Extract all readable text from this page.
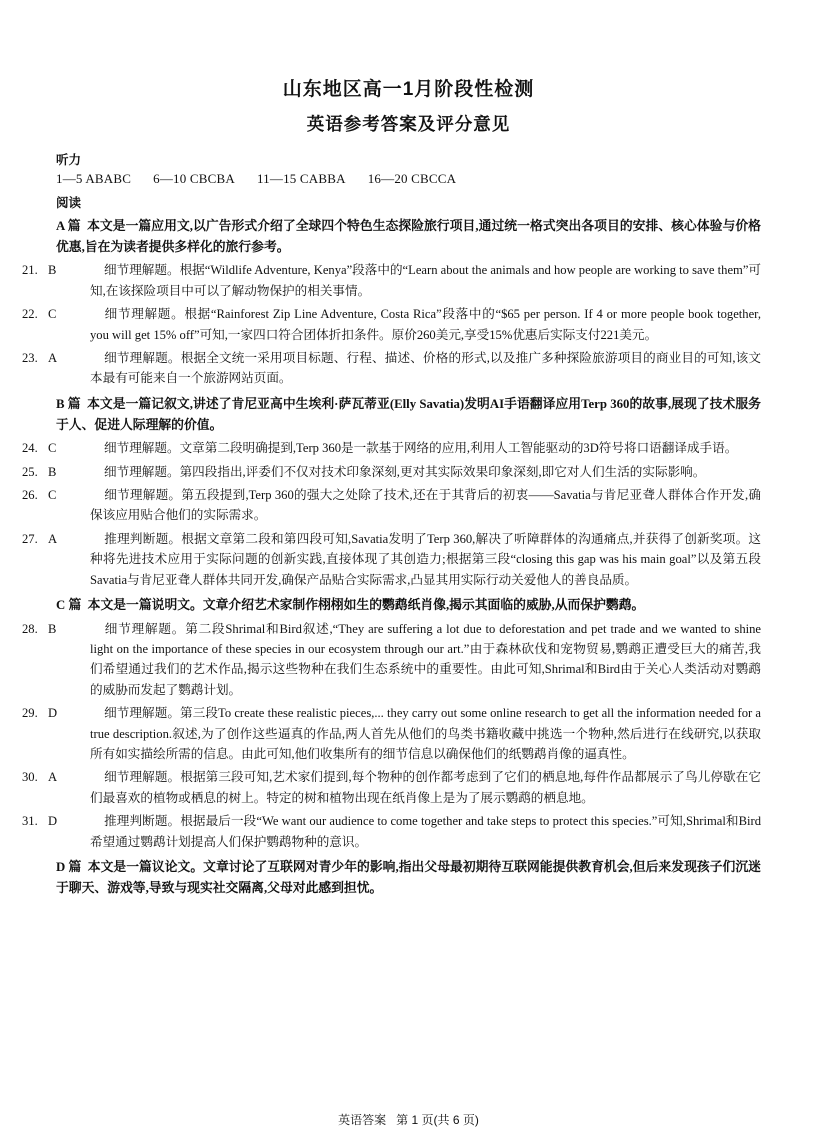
山东地区高一1月阶段性检测
英语参考答案及评分意见
听力
1—5 ABABC 6—10 CBCBA 11—15 CABBA 16—20 CBCCA
阅读
A 篇 本文是一篇应用文,以广告形式介绍了全球四个特色生态探险旅行项目,通过统一格式突出各项目的安排、核心体验与价格优惠,旨在为读者提供多样化的旅行参考。
21. B	细节理解题。根据“Wildlife Adventure, Kenya”段落中的“Learn about the animals and how people are working to save them”可知,在该探险项目中可以了解动物保护的相关事情。
22. C	细节理解题。根据“Rainforest Zip Line Adventure, Costa Rica”段落中的“$65 per person. If 4 or more people book together, you will get 15% off”可知,一家四口符合团体折扣条件。原价260美元,享受15%优惠后实际支付221美元。
23. A	细节理解题。根据全文统一采用项目标题、行程、描述、价格的形式,以及推广多种探险旅游项目的商业目的可知,该文本最有可能来自一个旅游网站页面。
B 篇 本文是一篇记叙文,讲述了肯尼亚高中生埃利·萨瓦蒂亚(Elly Savatia)发明AI手语翻译应用Terp 360的故事,展现了技术服务于人、促进人际理解的价值。
24. C	细节理解题。文章第二段明确提到,Terp 360是一款基于网络的应用,利用人工智能驱动的3D符号将口语翻译成手语。
25. B	细节理解题。第四段指出,评委们不仅对技术印象深刻,更对其实际效果印象深刻,即它对人们生活的实际影响。
26. C	细节理解题。第五段提到,Terp 360的强大之处除了技术,还在于其背后的初衷——Savatia与肯尼亚聋人群体合作开发,确保该应用贴合他们的实际需求。
27. A	推理判断题。根据文章第二段和第四段可知,Savatia发明了Terp 360,解决了听障群体的沟通痛点,并获得了创新奖项。这种将先进技术应用于实际问题的创新实践,直接体现了其创造力;根据第三段“closing this gap was his main goal”以及第五段Savatia与肯尼亚聋人群体共同开发,确保产品贴合实际需求,凸显其用实际行动关爱他人的善良品质。
C 篇 本文是一篇说明文。文章介绍艺术家制作栩栩如生的鹦鹉纸肖像,揭示其面临的威胁,从而保护鹦鹉。
28. B	细节理解题。第二段Shrimal和Bird叙述,“They are suffering a lot due to deforestation and pet trade and we wanted to shine light on the importance of these species in our ecosystem through our art.”由于森林砍伐和宠物贸易,鹦鹉正遭受巨大的痛苦,我们希望通过我们的艺术作品,揭示这些物种在我们生态系统中的重要性。由此可知,Shrimal和Bird由于关心人类活动对鹦鹉的威胁而发起了鹦鹉计划。
29. D	细节理解题。第三段To create these realistic pieces,... they carry out some online research to get all the information needed for a true description.叙述,为了创作这些逼真的作品,两人首先从他们的鸟类书籍收藏中挑选一个物种,然后进行在线研究,以获取所有如实描绘所需的信息。由此可知,他们收集所有的细节信息以确保他们的纸鹦鹉肖像的逼真性。
30. A	细节理解题。根据第三段可知,艺术家们提到,每个物种的创作都考虑到了它们的栖息地,每件作品都展示了鸟儿停歇在它们最喜欢的植物或栖息的树上。特定的树和植物出现在纸肖像上是为了展示鹦鹉的栖息地。
31. D	推理判断题。根据最后一段“We want our audience to come together and take steps to protect this species.”可知,Shrimal和Bird希望通过鹦鹉计划提高人们保护鹦鹉物种的意识。
D 篇 本文是一篇议论文。文章讨论了互联网对青少年的影响,指出父母最初期待互联网能提供教育机会,但后来发现孩子们沉迷于聊天、游戏等,导致与现实社交隔离,父母对此感到担忧。
英语答案 第 1 页(共 6 页)
